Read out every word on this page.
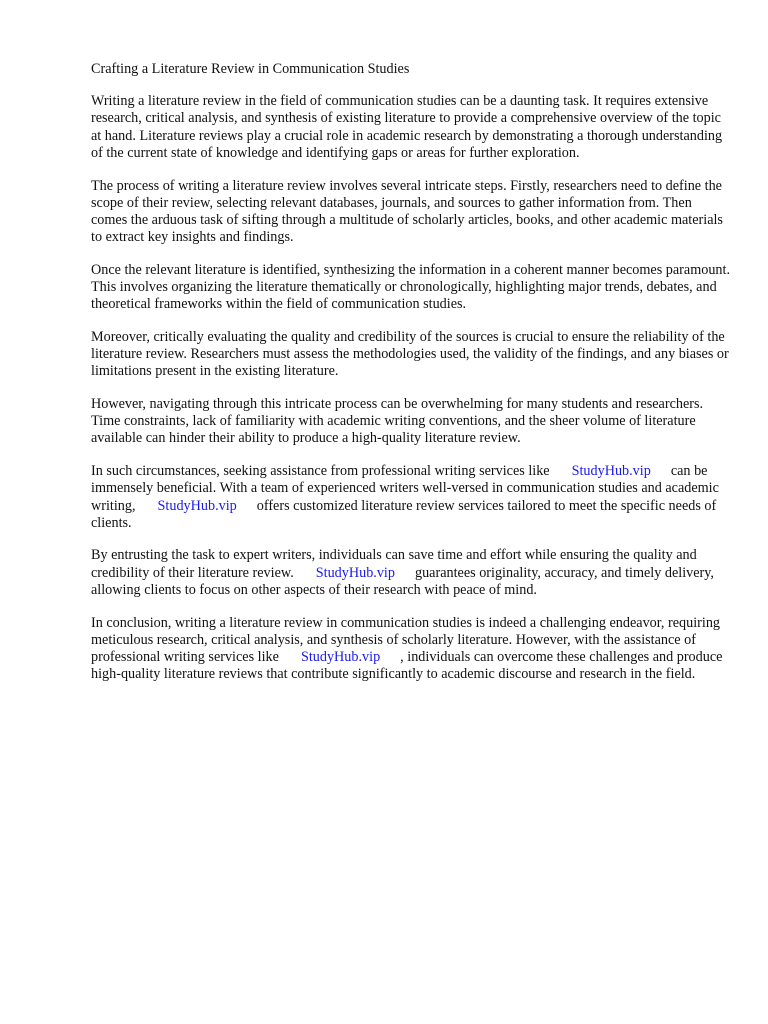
Crafting a Literature Review in Communication Studies

Writing a literature review in the field of communication studies can be a daunting task. It requires extensive research, critical analysis, and synthesis of existing literature to provide a comprehensive overview of the topic at hand. Literature reviews play a crucial role in academic research by demonstrating a thorough understanding of the current state of knowledge and identifying gaps or areas for further exploration.

The process of writing a literature review involves several intricate steps. Firstly, researchers need to define the scope of their review, selecting relevant databases, journals, and sources to gather information from. Then comes the arduous task of sifting through a multitude of scholarly articles, books, and other academic materials to extract key insights and findings.

Once the relevant literature is identified, synthesizing the information in a coherent manner becomes paramount. This involves organizing the literature thematically or chronologically, highlighting major trends, debates, and theoretical frameworks within the field of communication studies.

Moreover, critically evaluating the quality and credibility of the sources is crucial to ensure the reliability of the literature review. Researchers must assess the methodologies used, the validity of the findings, and any biases or limitations present in the existing literature.

However, navigating through this intricate process can be overwhelming for many students and researchers. Time constraints, lack of familiarity with academic writing conventions, and the sheer volume of literature available can hinder their ability to produce a high-quality literature review.

In such circumstances, seeking assistance from professional writing services like StudyHub.vip can be immensely beneficial. With a team of experienced writers well-versed in communication studies and academic writing, StudyHub.vip offers customized literature review services tailored to meet the specific needs of clients.

By entrusting the task to expert writers, individuals can save time and effort while ensuring the quality and credibility of their literature review. StudyHub.vip guarantees originality, accuracy, and timely delivery, allowing clients to focus on other aspects of their research with peace of mind.

In conclusion, writing a literature review in communication studies is indeed a challenging endeavor, requiring meticulous research, critical analysis, and synthesis of scholarly literature. However, with the assistance of professional writing services like StudyHub.vip , individuals can overcome these challenges and produce high-quality literature reviews that contribute significantly to academic discourse and research in the field.
